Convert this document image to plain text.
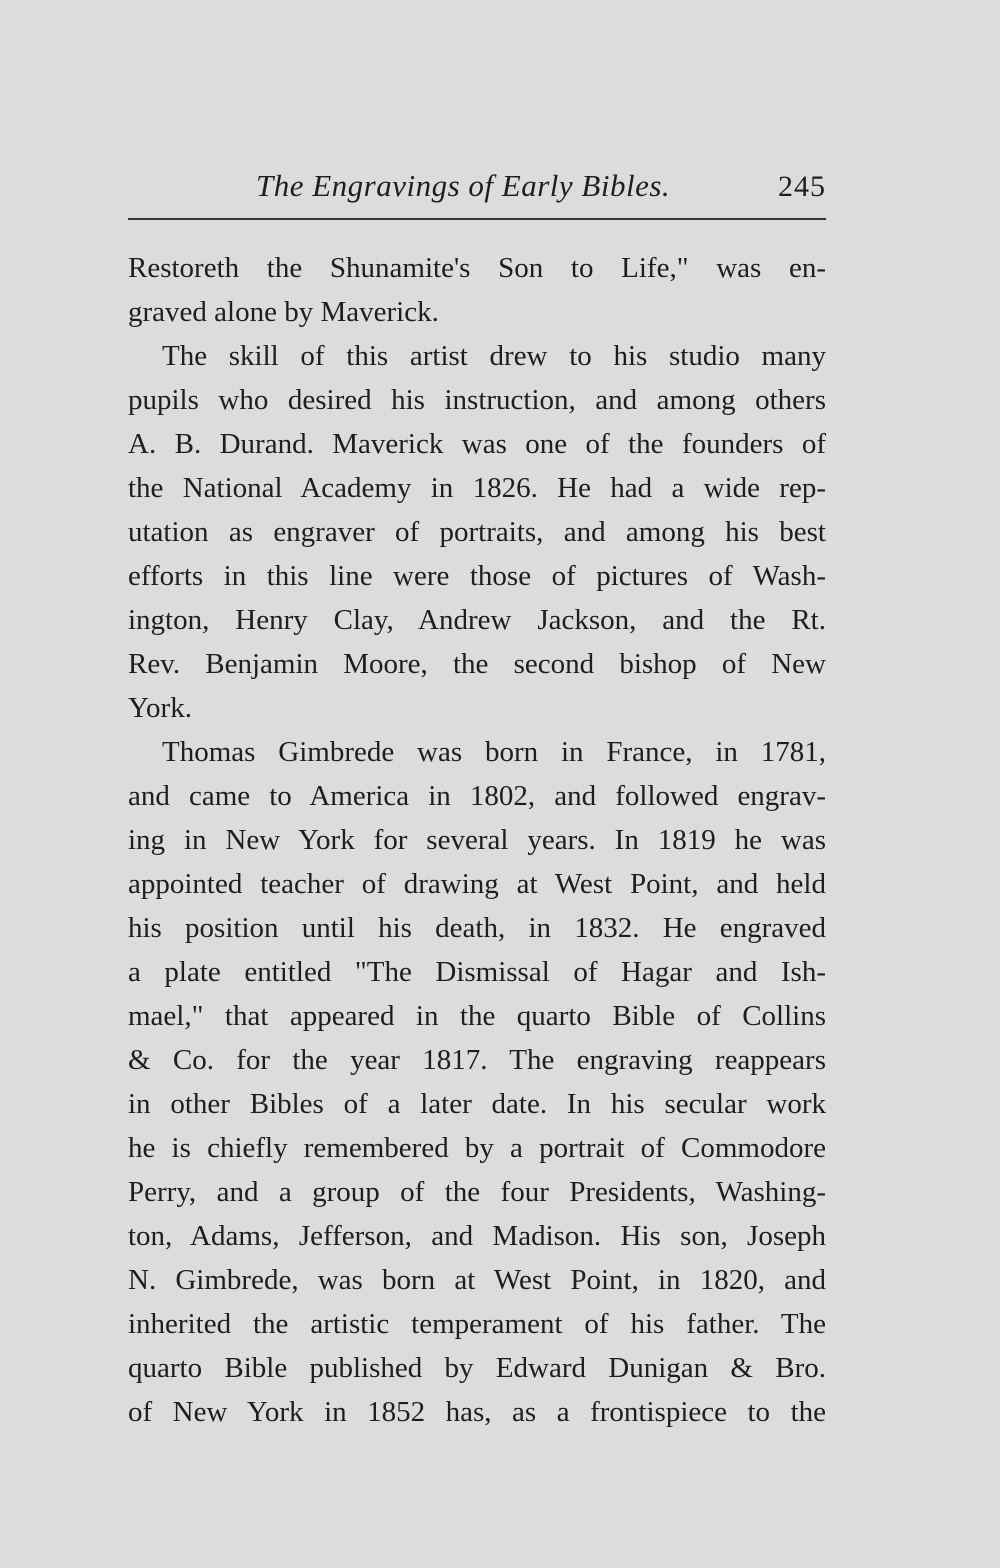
The Engravings of Early Bibles.	245
Restoreth the Shunamite's Son to Life," was en-
graved alone by Maverick.
The skill of this artist drew to his studio many
pupils who desired his instruction, and among others
A. B. Durand. Maverick was one of the founders of
the National Academy in 1826. He had a wide rep-
utation as engraver of portraits, and among his best
efforts in this line were those of pictures of Wash-
ington, Henry Clay, Andrew Jackson, and the Rt.
Rev. Benjamin Moore, the second bishop of New
York.
Thomas Gimbrede was born in France, in 1781,
and came to America in 1802, and followed engrav-
ing in New York for several years. In 1819 he was
appointed teacher of drawing at West Point, and held
his position until his death, in 1832. He engraved
a plate entitled "The Dismissal of Hagar and Ish-
mael," that appeared in the quarto Bible of Collins
& Co. for the year 1817. The engraving reappears
in other Bibles of a later date. In his secular work
he is chiefly remembered by a portrait of Commodore
Perry, and a group of the four Presidents, Washing-
ton, Adams, Jefferson, and Madison. His son, Joseph
N. Gimbrede, was born at West Point, in 1820, and
inherited the artistic temperament of his father. The
quarto Bible published by Edward Dunigan & Bro.
of New York in 1852 has, as a frontispiece to the
